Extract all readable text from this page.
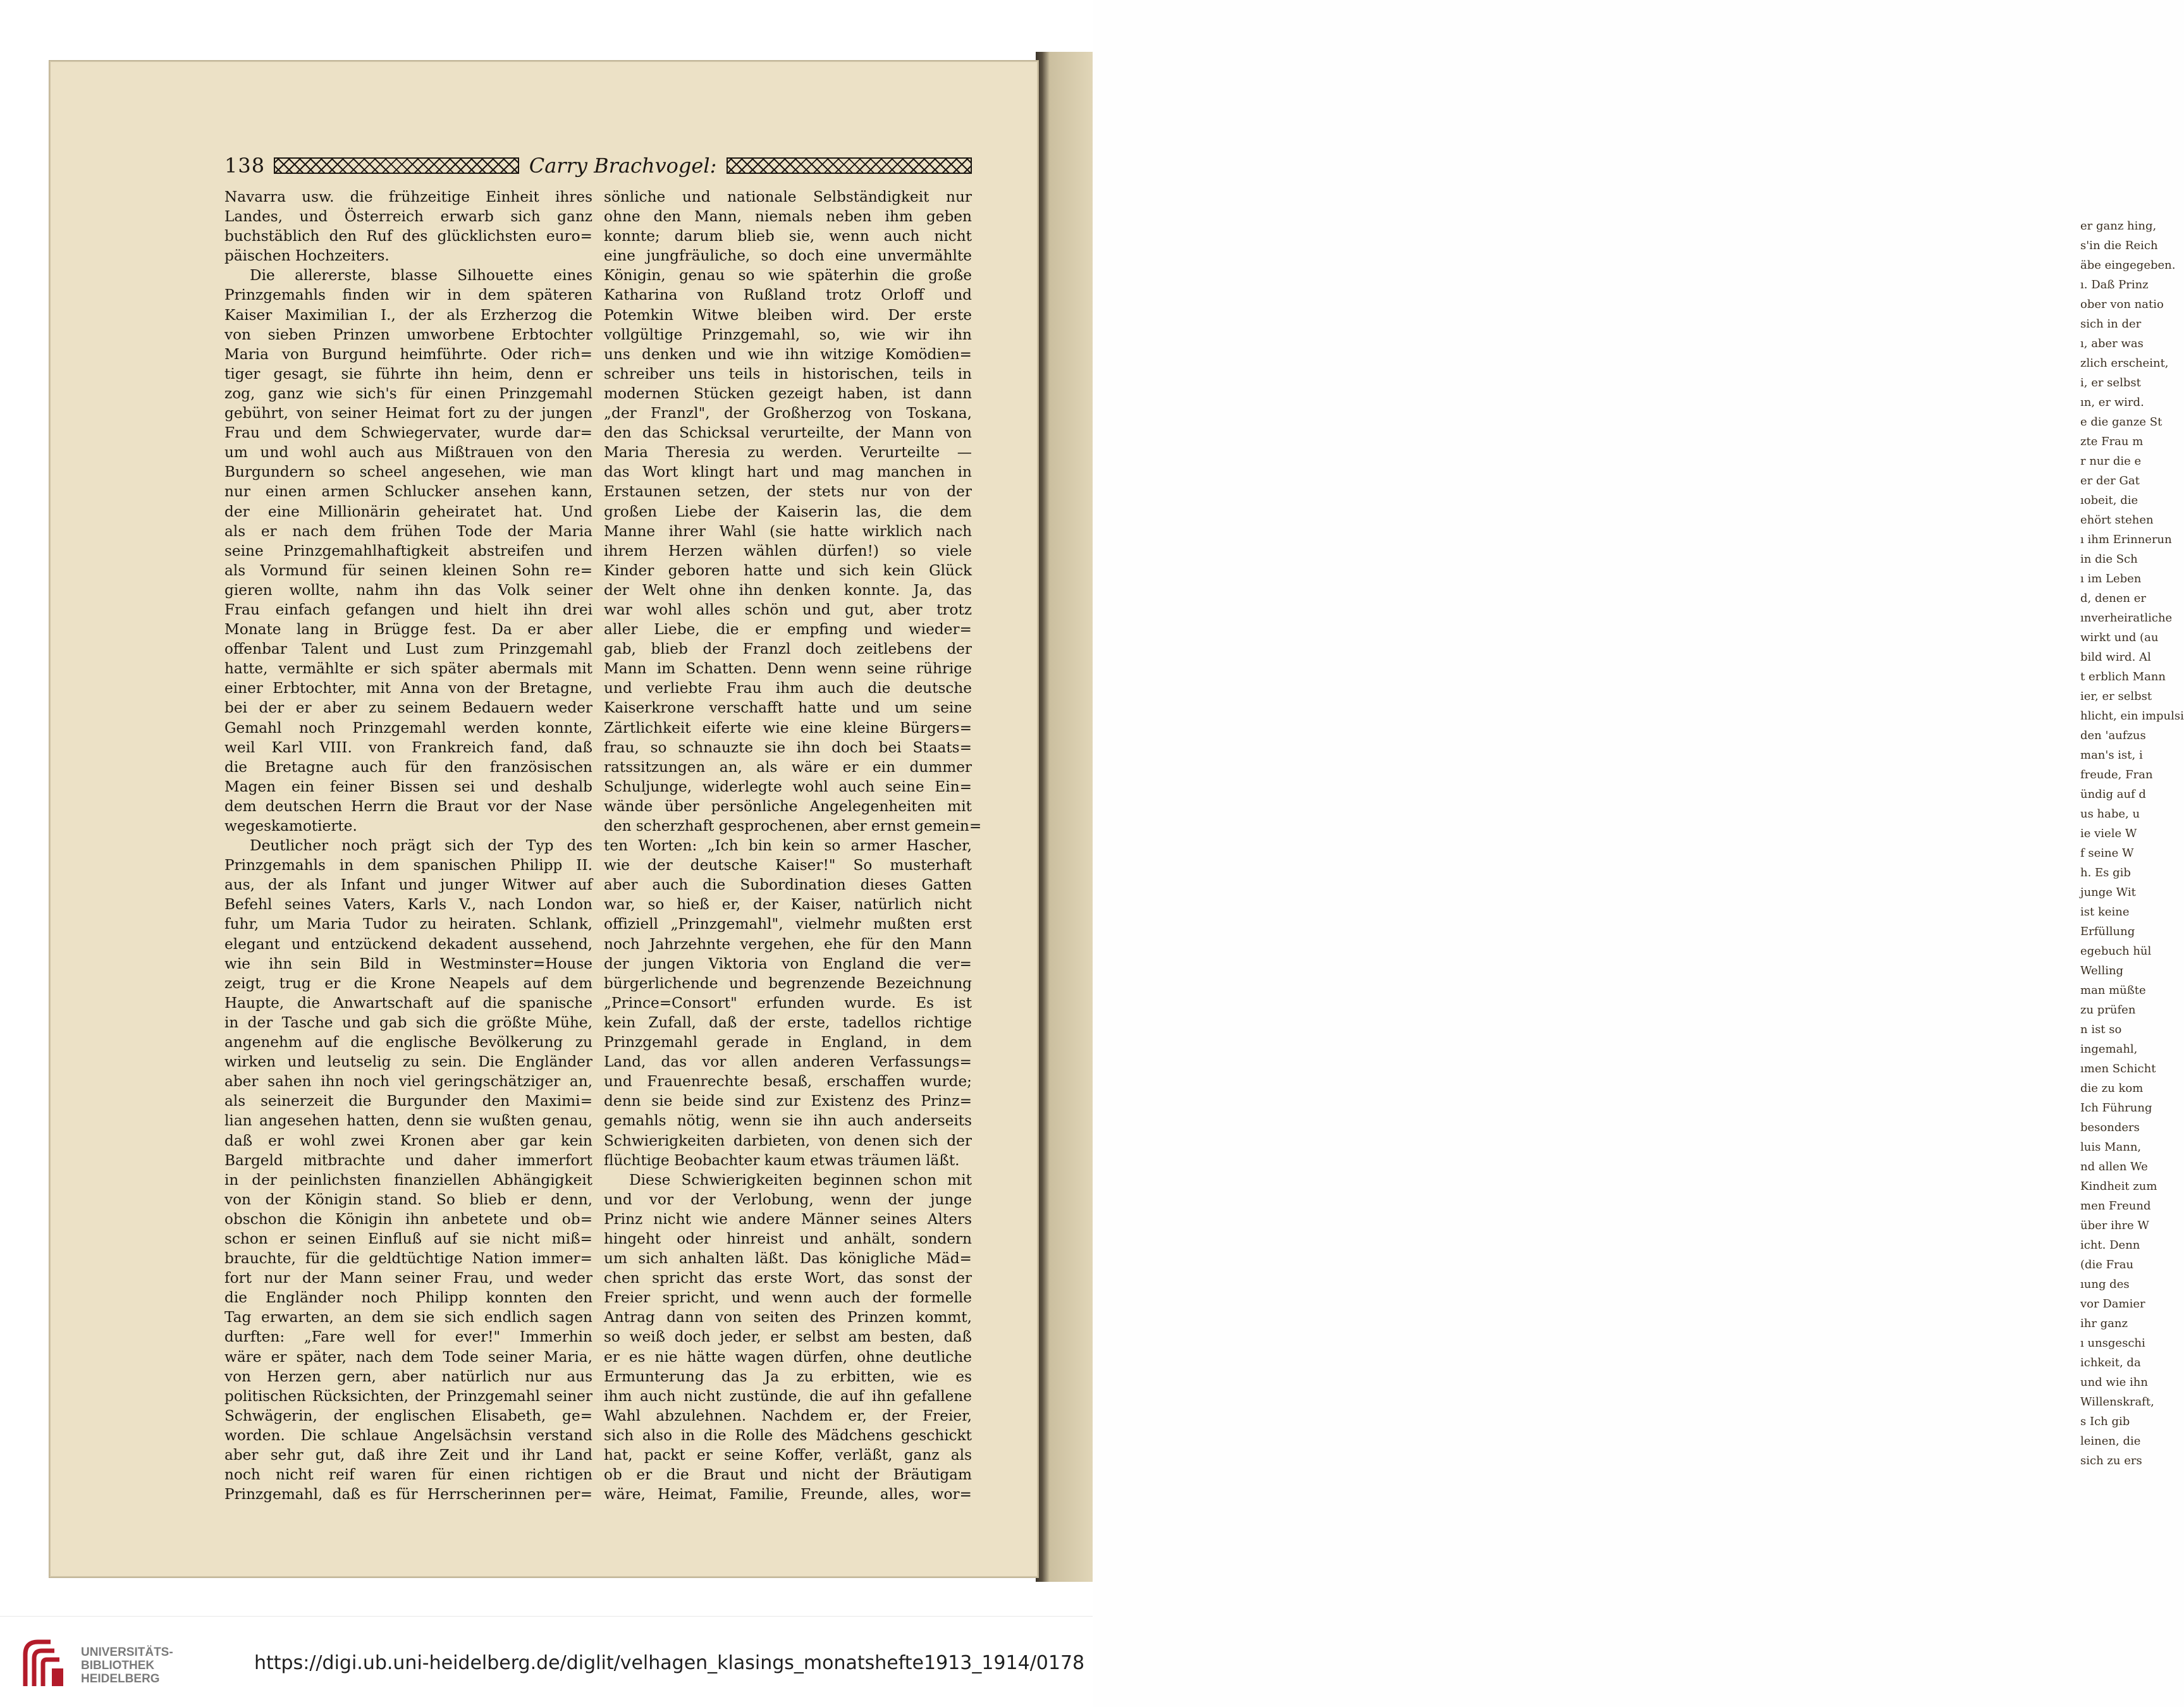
er ganz hing,
s'in die Reich
äbe eingegeben.
ı. Daß Prinz
ober von natio
sich in der
ı, aber was
zlich erscheint,
i, er selbst
ın, er wird.
e die ganze St
zte Frau m
r nur die e
er der Gat
ıobeit, die
ehört stehen
ı ihm Erinnerun
in die Sch
ı im Leben
d, denen er
ınverheiratliche
wirkt und (au
bild wird. Al
t erblich Mann
ier, er selbst
hlicht, ein impulsi
den 'aufzus
man's ist, i
freude, Fran
ündig auf d
us habe, u
ie viele W
f seine W
h. Es gib
junge Wit
ist keine
Erfüllung
egebuch hül
Welling
man müßte
zu prüfen
n ist so
ingemahl,
ımen Schicht
die zu kom
Ich Führung
besonders
luis Mann,
nd allen We
Kindheit zum
men Freund
über ihre W
icht. Denn
(die Frau
ıung des
vor Damier
ihr ganz
ı unsgeschi
ichkeit, da
und wie ihn
Willenskraft,
s Ich gib
leinen, die
sich zu ers
138	Carry Brachvogel:
Navarra usw. die frühzeitige Einheit ihres
Landes, und Österreich erwarb sich ganz
buchstäblich den Ruf des glücklichsten euro=
päischen Hochzeiters.
Die allererste, blasse Silhouette eines
Prinzgemahls finden wir in dem späteren
Kaiser Maximilian I., der als Erzherzog die
von sieben Prinzen umworbene Erbtochter
Maria von Burgund heimführte. Oder rich=
tiger gesagt, sie führte ihn heim, denn er
zog, ganz wie sich's für einen Prinzgemahl
gebührt, von seiner Heimat fort zu der jungen
Frau und dem Schwiegervater, wurde dar=
um und wohl auch aus Mißtrauen von den
Burgundern so scheel angesehen, wie man
nur einen armen Schlucker ansehen kann,
der eine Millionärin geheiratet hat. Und
als er nach dem frühen Tode der Maria
seine Prinzgemahlhaftigkeit abstreifen und
als Vormund für seinen kleinen Sohn re=
gieren wollte, nahm ihn das Volk seiner
Frau einfach gefangen und hielt ihn drei
Monate lang in Brügge fest. Da er aber
offenbar Talent und Lust zum Prinzgemahl
hatte, vermählte er sich später abermals mit
einer Erbtochter, mit Anna von der Bretagne,
bei der er aber zu seinem Bedauern weder
Gemahl noch Prinzgemahl werden konnte,
weil Karl VIII. von Frankreich fand, daß
die Bretagne auch für den französischen
Magen ein feiner Bissen sei und deshalb
dem deutschen Herrn die Braut vor der Nase
wegeskamotierte.
Deutlicher noch prägt sich der Typ des
Prinzgemahls in dem spanischen Philipp II.
aus, der als Infant und junger Witwer auf
Befehl seines Vaters, Karls V., nach London
fuhr, um Maria Tudor zu heiraten. Schlank,
elegant und entzückend dekadent aussehend,
wie ihn sein Bild in Westminster=House
zeigt, trug er die Krone Neapels auf dem
Haupte, die Anwartschaft auf die spanische
in der Tasche und gab sich die größte Mühe,
angenehm auf die englische Bevölkerung zu
wirken und leutselig zu sein. Die Engländer
aber sahen ihn noch viel geringschätziger an,
als seinerzeit die Burgunder den Maximi=
lian angesehen hatten, denn sie wußten genau,
daß er wohl zwei Kronen aber gar kein
Bargeld mitbrachte und daher immerfort
in der peinlichsten finanziellen Abhängigkeit
von der Königin stand. So blieb er denn,
obschon die Königin ihn anbetete und ob=
schon er seinen Einfluß auf sie nicht miß=
brauchte, für die geldtüchtige Nation immer=
fort nur der Mann seiner Frau, und weder
die Engländer noch Philipp konnten den
Tag erwarten, an dem sie sich endlich sagen
durften: „Fare well for ever!" Immerhin
wäre er später, nach dem Tode seiner Maria,
von Herzen gern, aber natürlich nur aus
politischen Rücksichten, der Prinzgemahl seiner
Schwägerin, der englischen Elisabeth, ge=
worden. Die schlaue Angelsächsin verstand
aber sehr gut, daß ihre Zeit und ihr Land
noch nicht reif waren für einen richtigen
Prinzgemahl, daß es für Herrscherinnen per=
sönliche und nationale Selbständigkeit nur
ohne den Mann, niemals neben ihm geben
konnte; darum blieb sie, wenn auch nicht
eine jungfräuliche, so doch eine unvermählte
Königin, genau so wie späterhin die große
Katharina von Rußland trotz Orloff und
Potemkin Witwe bleiben wird. Der erste
vollgültige Prinzgemahl, so, wie wir ihn
uns denken und wie ihn witzige Komödien=
schreiber uns teils in historischen, teils in
modernen Stücken gezeigt haben, ist dann
„der Franzl", der Großherzog von Toskana,
den das Schicksal verurteilte, der Mann von
Maria Theresia zu werden. Verurteilte —
das Wort klingt hart und mag manchen in
Erstaunen setzen, der stets nur von der
großen Liebe der Kaiserin las, die dem
Manne ihrer Wahl (sie hatte wirklich nach
ihrem Herzen wählen dürfen!) so viele
Kinder geboren hatte und sich kein Glück
der Welt ohne ihn denken konnte. Ja, das
war wohl alles schön und gut, aber trotz
aller Liebe, die er empfing und wieder=
gab, blieb der Franzl doch zeitlebens der
Mann im Schatten. Denn wenn seine rührige
und verliebte Frau ihm auch die deutsche
Kaiserkrone verschafft hatte und um seine
Zärtlichkeit eiferte wie eine kleine Bürgers=
frau, so schnauzte sie ihn doch bei Staats=
ratssitzungen an, als wäre er ein dummer
Schuljunge, widerlegte wohl auch seine Ein=
wände über persönliche Angelegenheiten mit
den scherzhaft gesprochenen, aber ernst gemein=
ten Worten: „Ich bin kein so armer Hascher,
wie der deutsche Kaiser!" So musterhaft
aber auch die Subordination dieses Gatten
war, so hieß er, der Kaiser, natürlich nicht
offiziell „Prinzgemahl", vielmehr mußten erst
noch Jahrzehnte vergehen, ehe für den Mann
der jungen Viktoria von England die ver=
bürgerlichende und begrenzende Bezeichnung
„Prince=Consort" erfunden wurde. Es ist
kein Zufall, daß der erste, tadellos richtige
Prinzgemahl gerade in England, in dem
Land, das vor allen anderen Verfassungs=
und Frauenrechte besaß, erschaffen wurde;
denn sie beide sind zur Existenz des Prinz=
gemahls nötig, wenn sie ihn auch anderseits
Schwierigkeiten darbieten, von denen sich der
flüchtige Beobachter kaum etwas träumen läßt.
Diese Schwierigkeiten beginnen schon mit
und vor der Verlobung, wenn der junge
Prinz nicht wie andere Männer seines Alters
hingeht oder hinreist und anhält, sondern
um sich anhalten läßt. Das königliche Mäd=
chen spricht das erste Wort, das sonst der
Freier spricht, und wenn auch der formelle
Antrag dann von seiten des Prinzen kommt,
so weiß doch jeder, er selbst am besten, daß
er es nie hätte wagen dürfen, ohne deutliche
Ermunterung das Ja zu erbitten, wie es
ihm auch nicht zustünde, die auf ihn gefallene
Wahl abzulehnen. Nachdem er, der Freier,
sich also in die Rolle des Mädchens geschickt
hat, packt er seine Koffer, verläßt, ganz als
ob er die Braut und nicht der Bräutigam
wäre, Heimat, Familie, Freunde, alles, wor=
UNIVERSITÄTS-
BIBLIOTHEK
HEIDELBERG
https://digi.ub.uni-heidelberg.de/diglit/velhagen_klasings_monatshefte1913_1914/0178
